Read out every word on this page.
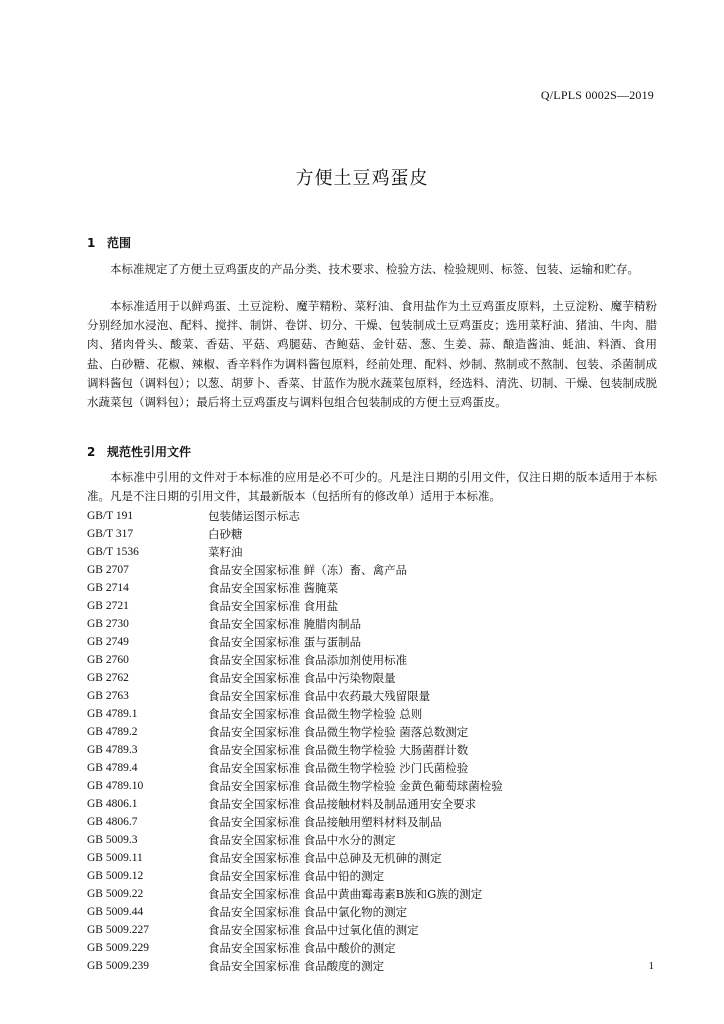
Q/LPLS 0002S—2019
方便土豆鸡蛋皮
1 范围
本标准规定了方便土豆鸡蛋皮的产品分类、技术要求、检验方法、检验规则、标签、包装、运输和贮存。
本标准适用于以鲜鸡蛋、土豆淀粉、魔芋精粉、菜籽油、食用盐作为土豆鸡蛋皮原料，土豆淀粉、魔芋精粉分别经加水浸泡、配料、搅拌、制饼、卷饼、切分、干燥、包装制成土豆鸡蛋皮；选用菜籽油、猪油、牛肉、腊肉、猪肉骨头、酸菜、香菇、平菇、鸡腿菇、杏鲍菇、金针菇、葱、生姜、蒜、酿造酱油、蚝油、料酒、食用盐、白砂糖、花椒、辣椒、香辛料作为调料酱包原料，经前处理、配料、炒制、熬制或不熬制、包装、杀菌制成调料酱包（调料包）；以葱、胡萝卜、香菜、甘蓝作为脱水蔬菜包原料，经选料、清洗、切制、干燥、包装制成脱水蔬菜包（调料包）；最后将土豆鸡蛋皮与调料包组合包装制成的方便土豆鸡蛋皮。
2 规范性引用文件
本标准中引用的文件对于本标准的应用是必不可少的。凡是注日期的引用文件，仅注日期的版本适用于本标准。凡是不注日期的引用文件，其最新版本（包括所有的修改单）适用于本标准。
GB/T 191	包装储运图示标志
GB/T 317	白砂糖
GB/T 1536	菜籽油
GB 2707	食品安全国家标准 鲜（冻）畜、禽产品
GB 2714	食品安全国家标准 酱腌菜
GB 2721	食品安全国家标准 食用盐
GB 2730	食品安全国家标准 腌腊肉制品
GB 2749	食品安全国家标准 蛋与蛋制品
GB 2760	食品安全国家标准 食品添加剂使用标准
GB 2762	食品安全国家标准 食品中污染物限量
GB 2763	食品安全国家标准 食品中农药最大残留限量
GB 4789.1	食品安全国家标准 食品微生物学检验 总则
GB 4789.2	食品安全国家标准 食品微生物学检验 菌落总数测定
GB 4789.3	食品安全国家标准 食品微生物学检验 大肠菌群计数
GB 4789.4	食品安全国家标准 食品微生物学检验 沙门氏菌检验
GB 4789.10	食品安全国家标准 食品微生物学检验 金黄色葡萄球菌检验
GB 4806.1	食品安全国家标准 食品接触材料及制品通用安全要求
GB 4806.7	食品安全国家标准 食品接触用塑料材料及制品
GB 5009.3	食品安全国家标准 食品中水分的测定
GB 5009.11	食品安全国家标准 食品中总砷及无机砷的测定
GB 5009.12	食品安全国家标准 食品中铅的测定
GB 5009.22	食品安全国家标准 食品中黄曲霉毒素B族和G族的测定
GB 5009.44	食品安全国家标准 食品中氯化物的测定
GB 5009.227	食品安全国家标准 食品中过氧化值的测定
GB 5009.229	食品安全国家标准 食品中酸价的测定
GB 5009.239	食品安全国家标准 食品酸度的测定	1
